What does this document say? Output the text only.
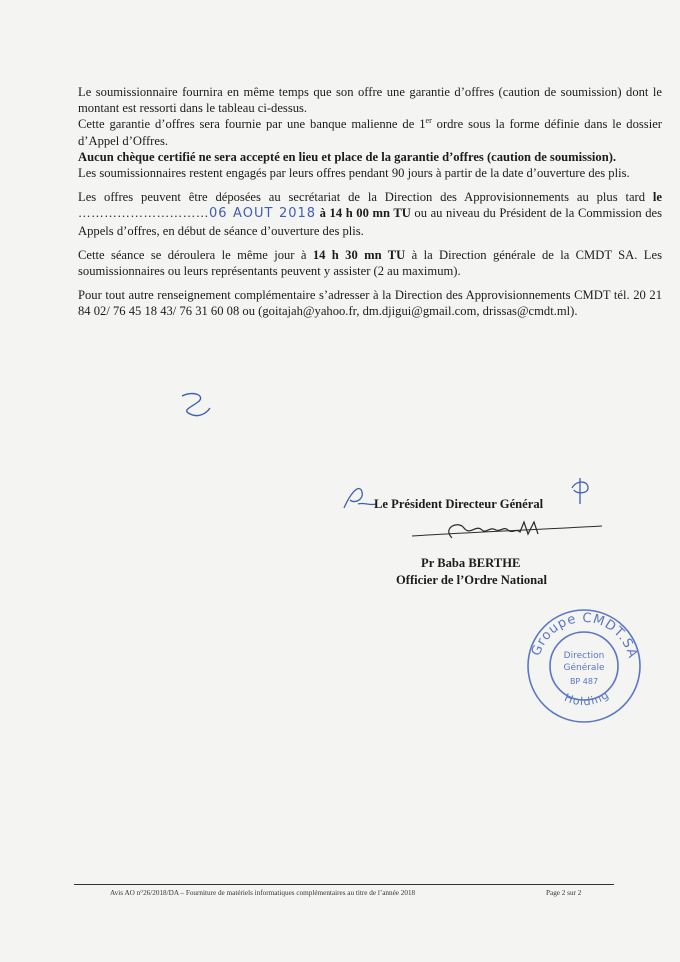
Le soumissionnaire fournira en même temps que son offre une garantie d’offres (caution de soumission) dont le montant est ressorti dans le tableau ci-dessus.

Cette garantie d’offres sera fournie par une banque malienne de 1er ordre sous la forme définie dans le dossier d’Appel d’Offres.

Aucun chèque certifié ne sera accepté en lieu et place de la garantie d’offres (caution de soumission).

Les soumissionnaires restent engagés par leurs offres pendant 90 jours à partir de la date d’ouverture des plis.

Les offres peuvent être déposées au secrétariat de la Direction des Approvisionnements au plus tard le …………………………06 AOUT 2018 à 14 h 00 mn TU ou au niveau du Président de la Commission des Appels d’offres, en début de séance d’ouverture des plis.

Cette séance se déroulera le même jour à 14 h 30 mn TU à la Direction générale de la CMDT SA. Les soumissionnaires ou leurs représentants peuvent y assister (2 au maximum).

Pour tout autre renseignement complémentaire s’adresser à la Direction des Approvisionnements CMDT tél. 20 21 84 02/ 76 45 18 43/ 76 31 60 08 ou (goitajah@yahoo.fr, dm.djigui@gmail.com, drissas@cmdt.ml).

Le Président Directeur Général
Pr Baba BERTHE
Officier de l’Ordre National
Groupe CMDT.SA
Holding
Direction
Générale
BP 487
Avis AO n°26/2018/DA – Fourniture de matériels informatiques complémentaires au titre de l’année 2018	Page 2 sur 2
